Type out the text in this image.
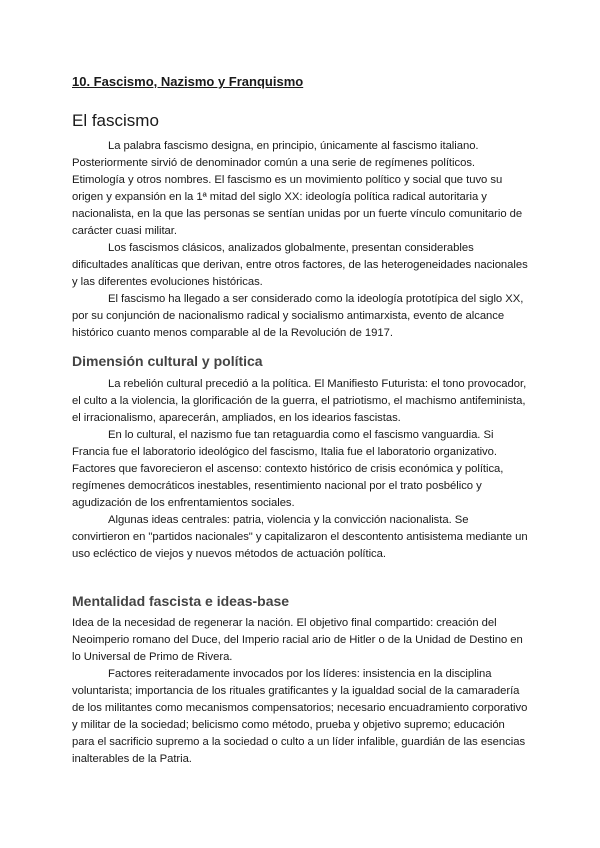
10. Fascismo, Nazismo y Franquismo
El fascismo

La palabra fascismo designa, en principio, únicamente al fascismo italiano. Posteriormente sirvió de denominador común a una serie de regímenes políticos. Etimología y otros nombres. El fascismo es un movimiento político y social que tuvo su origen y expansión en la 1ª mitad del siglo XX: ideología política radical autoritaria y nacionalista, en la que las personas se sentían unidas por un fuerte vínculo comunitario de carácter cuasi militar.

Los fascismos clásicos, analizados globalmente, presentan considerables dificultades analíticas que derivan, entre otros factores, de las heterogeneidades nacionales y las diferentes evoluciones históricas.

El fascismo ha llegado a ser considerado como la ideología prototípica del siglo XX, por su conjunción de nacionalismo radical y socialismo antimarxista, evento de alcance histórico cuanto menos comparable al de la Revolución de 1917.

Dimensión cultural y política

La rebelión cultural precedió a la política. El Manifiesto Futurista: el tono provocador, el culto a la violencia, la glorificación de la guerra, el patriotismo, el machismo antifeminista, el irracionalismo, aparecerán, ampliados, en los idearios fascistas.

En lo cultural, el nazismo fue tan retaguardia como el fascismo vanguardia. Si Francia fue el laboratorio ideológico del fascismo, Italia fue el laboratorio organizativo. Factores que favorecieron el ascenso: contexto histórico de crisis económica y política, regímenes democráticos inestables, resentimiento nacional por el trato posbélico y agudización de los enfrentamientos sociales.

Algunas ideas centrales: patria, violencia y la convicción nacionalista. Se convirtieron en "partidos nacionales" y capitalizaron el descontento antisistema mediante un uso ecléctico de viejos y nuevos métodos de actuación política.

Mentalidad fascista e ideas-base

Idea de la necesidad de regenerar la nación. El objetivo final compartido: creación del Neoimperio romano del Duce, del Imperio racial ario de Hitler o de la Unidad de Destino en lo Universal de Primo de Rivera.

Factores reiteradamente invocados por los líderes: insistencia en la disciplina voluntarista; importancia de los rituales gratificantes y la igualdad social de la camaradería de los militantes como mecanismos compensatorios; necesario encuadramiento corporativo y militar de la sociedad; belicismo como método, prueba y objetivo supremo; educación para el sacrificio supremo a la sociedad o culto a un líder infalible, guardián de las esencias inalterables de la Patria.
